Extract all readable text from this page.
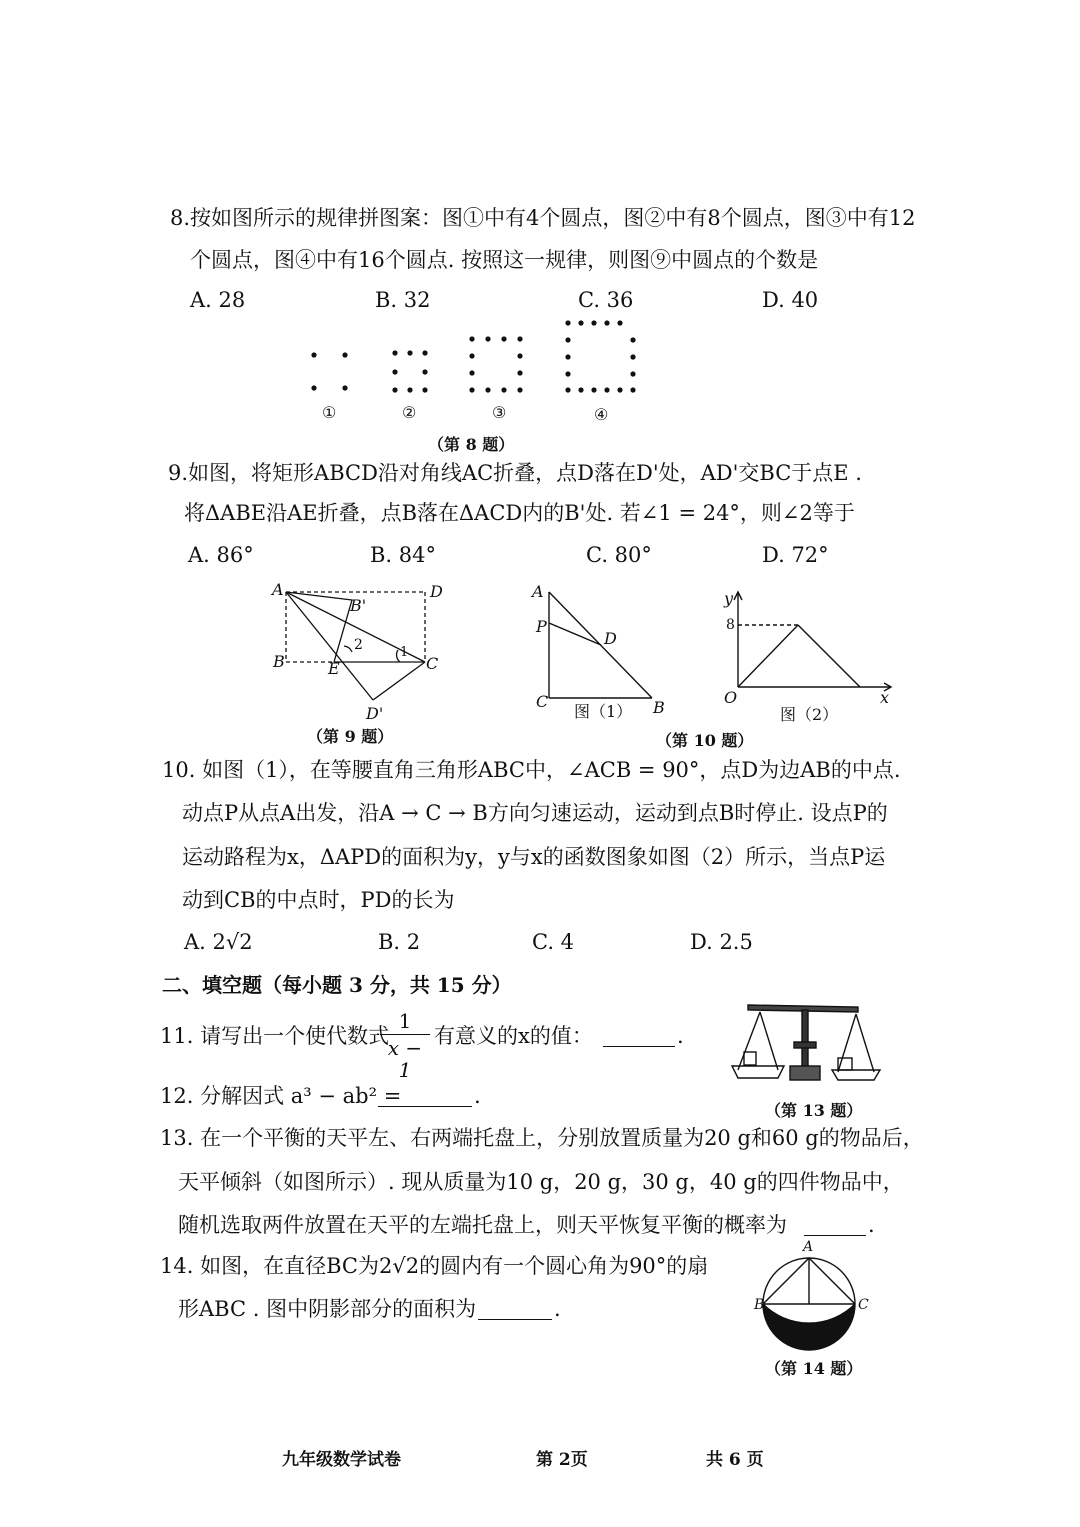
8.按如图所示的规律拼图案：图①中有4个圆点，图②中有8个圆点，图③中有12
个圆点，图④中有16个圆点. 按照这一规律，则图⑨中圆点的个数是
A. 28	B. 32	C. 36	D. 40
①	②	③	④
（第 8 题）
9.如图，将矩形ABCD沿对角线AC折叠，点D落在D'处，AD'交BC于点E .
将ΔABE沿AE折叠，点B落在ΔACD内的B'处. 若∠1 = 24°，则∠2等于
A. 86°	B. 84°	C. 80°	D. 72°
A	D
B'
2	1
B	E	C
D'
（第 9 题）
A
P
D
C	B
图（1）
y
8
O	x
图（2）
（第 10 题）
10. 如图（1），在等腰直角三角形ABC中，∠ACB = 90°，点D为边AB的中点.
动点P从点A出发，沿A → C → B方向匀速运动，运动到点B时停止. 设点P的
运动路程为x，ΔAPD的面积为y，y与x的函数图象如图（2）所示，当点P运
动到CB的中点时，PD的长为
A. 2√2	B. 2	C. 4	D. 2.5
二、填空题（每小题 3 分，共 15 分）
11. 请写出一个使代数式
1
x − 1
有意义的x的值：	.
（第 13 题）
12. 分解因式 a³ − ab² =	.
13. 在一个平衡的天平左、右两端托盘上，分别放置质量为20 g和60 g的物品后，
天平倾斜（如图所示）. 现从质量为10 g，20 g，30 g，40 g的四件物品中，
随机选取两件放置在天平的左端托盘上，则天平恢复平衡的概率为	.
14. 如图，在直径BC为2√2的圆内有一个圆心角为90°的扇
形ABC . 图中阴影部分的面积为	.
A
B	C
（第 14 题）
九年级数学试卷	第 2页	共 6 页
